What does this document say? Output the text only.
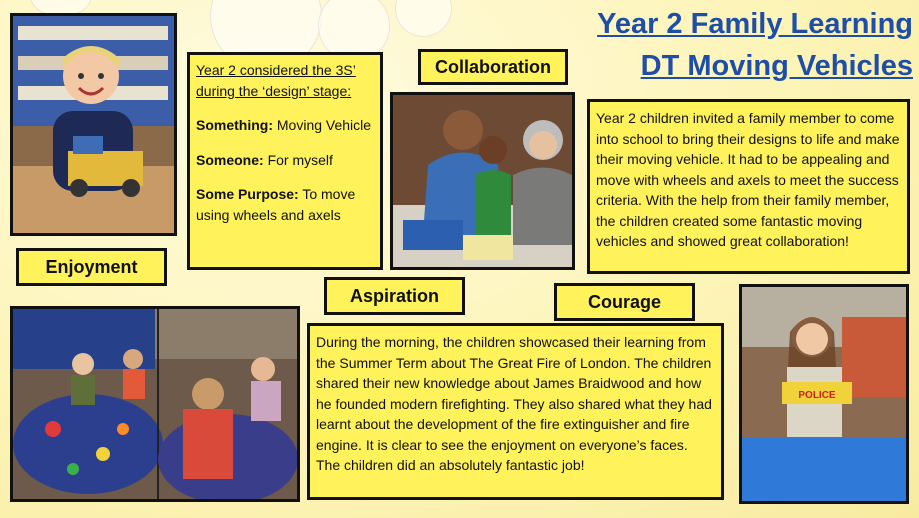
Year 2 Family Learning
DT Moving Vehicles
Year 2 considered the 3S’
during the ‘design’ stage:
Something: Moving Vehicle
Someone: For myself
Some Purpose: To move using wheels and axels
Collaboration
Year 2 children invited a family member to come into school to bring their designs to life and make their moving vehicle. It had to be appealing and move with wheels and axels to meet the success criteria. With the help from their family member, the children created some fantastic moving vehicles and showed great collaboration!
Enjoyment
Aspiration	Courage
During the morning, the children showcased their learning from the Summer Term about The Great Fire of London. The children shared their new knowledge about James Braidwood and how he founded modern firefighting. They also shared what they had learnt about the development of the fire extinguisher and fire engine. It is clear to see the enjoyment on everyone’s faces. The children did an absolutely fantastic job!
POLICE
